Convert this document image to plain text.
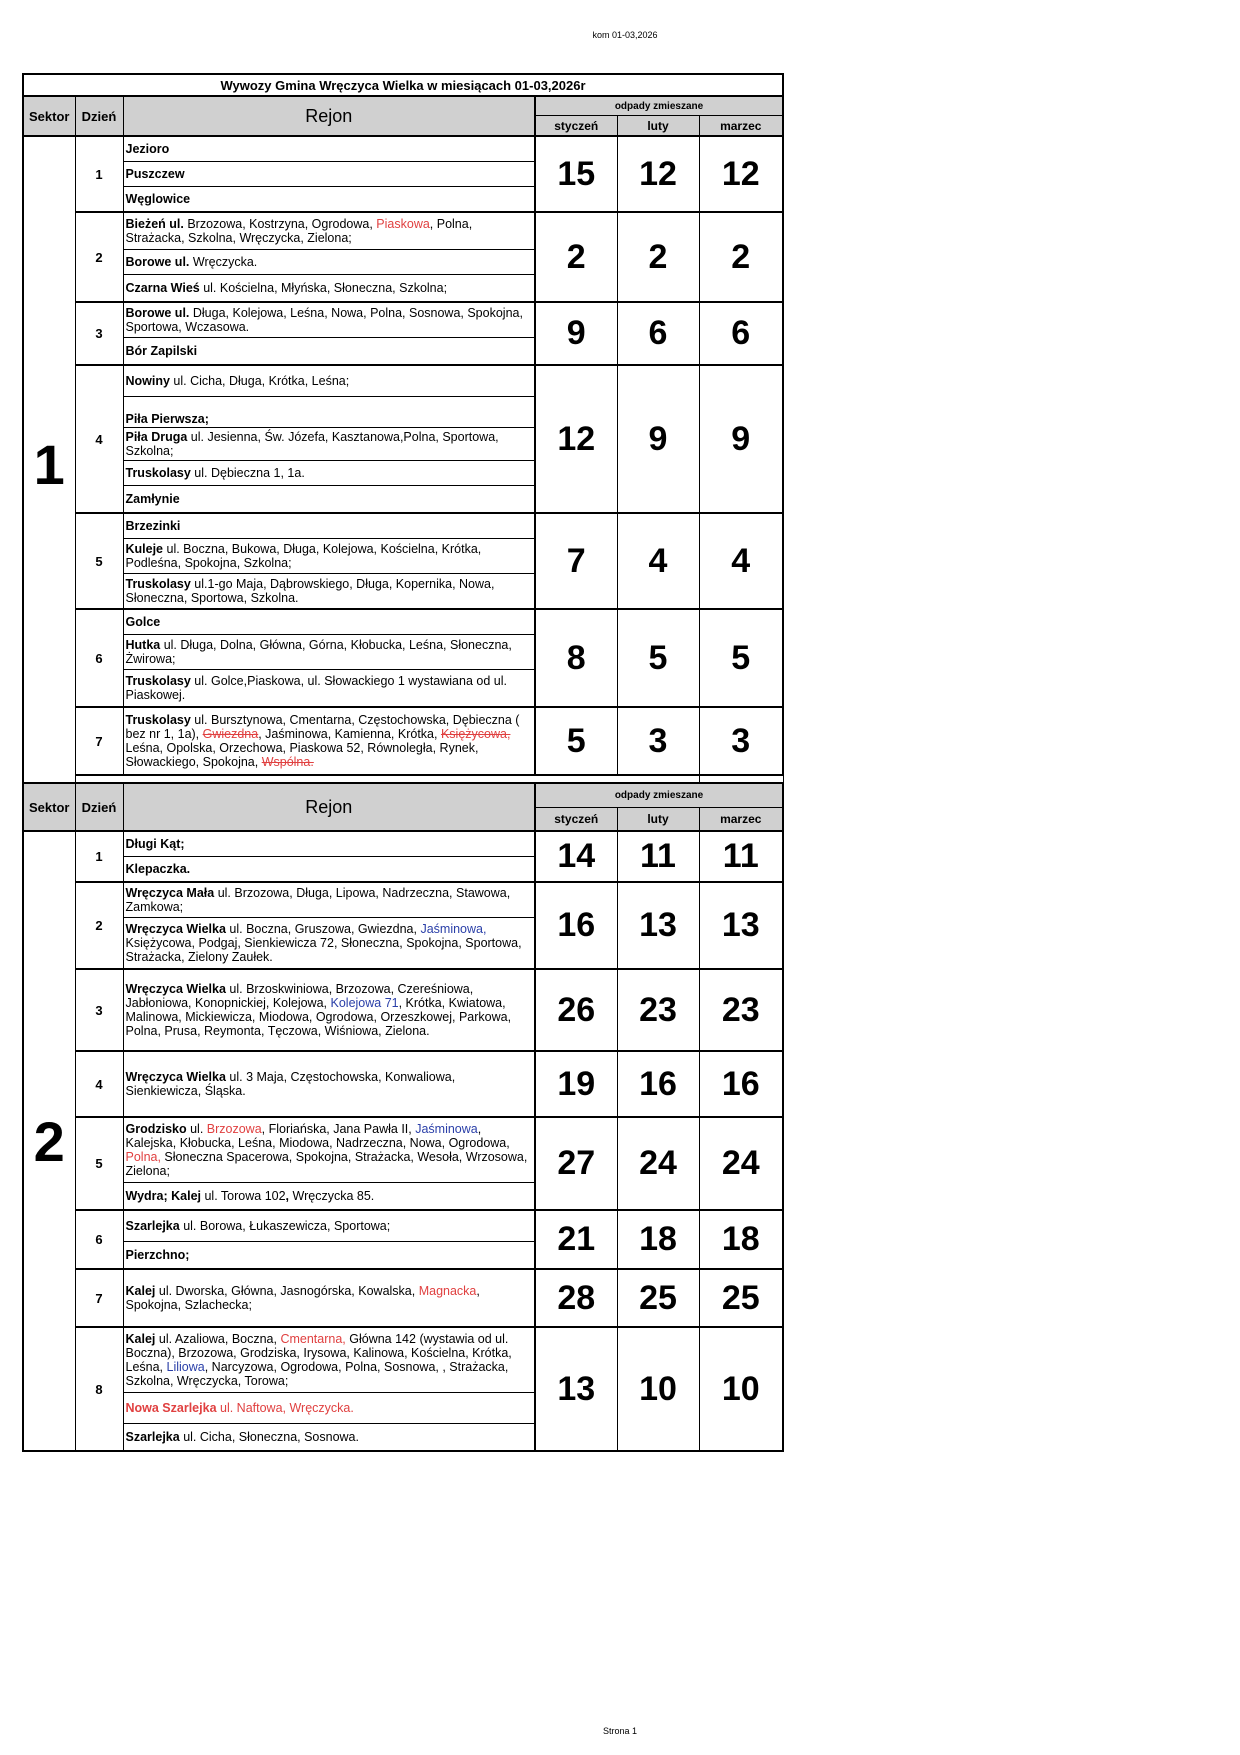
kom 01-03,2026
Wywozy Gmina Wręczyca Wielka w miesiącach 01-03,2026r						
Sektor	Dzień	Rejon	odpady zmieszane			
			styczeń	luty	marzec	
1	1	Jezioro	15	12	12	
		Puszczew				
		Węglowice				
	2	Bieżeń ul. Brzozowa, Kostrzyna, Ogrodowa, Piaskowa, Polna, Strażacka, Szkolna, Wręczycka, Zielona;	2	2	2	
		Borowe ul. Wręczycka.				
		Czarna Wieś ul. Kościelna, Młyńska, Słoneczna, Szkolna;				
	3	Borowe ul. Długa, Kolejowa, Leśna, Nowa, Polna, Sosnowa, Spokojna, Sportowa, Wczasowa.	9	6	6	
		Bór Zapilski				
	4	Nowiny ul. Cicha, Długa, Krótka, Leśna;	12	9	9	
		Piła Pierwsza;				
		Piła Druga ul. Jesienna, Św. Józefa, Kasztanowa,Polna, Sportowa, Szkolna;				
		Truskolasy ul. Dębieczna 1, 1a.				
		Zamłynie				
	5	Brzezinki	7	4	4	
		Kuleje ul. Boczna, Bukowa, Długa, Kolejowa, Kościelna, Krótka, Podleśna, Spokojna, Szkolna;				
		Truskolasy ul.1-go Maja, Dąbrowskiego, Długa, Kopernika, Nowa, Słoneczna, Sportowa, Szkolna.				
	6	Golce	8	5	5	
		Hutka ul. Długa, Dolna, Główna, Górna, Kłobucka, Leśna, Słoneczna, Żwirowa;				
		Truskolasy ul. Golce,Piaskowa, ul. Słowackiego 1 wystawiana od ul. Piaskowej.				
	7	Truskolasy ul. Bursztynowa, Cmentarna, Częstochowska, Dębieczna ( bez nr 1, 1a), Gwiezdna, Jaśminowa, Kamienna, Krótka, Księżycowa, Leśna, Opolska, Orzechowa, Piaskowa 52, Równoległa, Rynek, Słowackiego, Spokojna, Wspólna.	5	3	3	

Sektor	Dzień	Rejon	odpady zmieszane		
			styczeń	luty	marzec
2	1	Długi Kąt;	14	11	11
		Klepaczka.			
	2	Wręczyca Mała ul. Brzozowa, Długa, Lipowa, Nadrzeczna, Stawowa, Zamkowa;	16	13	13
		Wręczyca Wielka ul. Boczna, Gruszowa, Gwiezdna, Jaśminowa, Księżycowa, Podgaj, Sienkiewicza 72, Słoneczna, Spokojna, Sportowa, Strażacka, Zielony Zaułek.			
	3	Wręczyca Wielka ul. Brzoskwiniowa, Brzozowa, Czereśniowa, Jabłoniowa, Konopnickiej, Kolejowa, Kolejowa 71, Krótka, Kwiatowa, Malinowa, Mickiewicza, Miodowa, Ogrodowa, Orzeszkowej, Parkowa, Polna, Prusa, Reymonta, Tęczowa, Wiśniowa, Zielona.	26	23	23
	4	Wręczyca Wielka ul. 3 Maja, Częstochowska, Konwaliowa, Sienkiewicza, Śląska.	19	16	16
	5	Grodzisko ul. Brzozowa, Floriańska, Jana Pawła II, Jaśminowa, Kalejska, Kłobucka, Leśna, Miodowa, Nadrzeczna, Nowa, Ogrodowa, Polna, Słoneczna Spacerowa, Spokojna, Strażacka, Wesoła, Wrzosowa, Zielona;	27	24	24
		Wydra; Kalej ul. Torowa 102, Wręczycka 85.			
	6	Szarlejka ul. Borowa, Łukaszewicza, Sportowa;	21	18	18
		Pierzchno;			
	7	Kalej ul. Dworska, Główna, Jasnogórska, Kowalska, Magnacka, Spokojna, Szlachecka;	28	25	25
	8	Kalej ul. Azaliowa, Boczna, Cmentarna, Główna 142 (wystawia od ul. Boczna), Brzozowa, Grodziska, Irysowa, Kalinowa, Kościelna, Krótka, Leśna, Liliowa, Narcyzowa, Ogrodowa, Polna, Sosnowa, , Strażacka, Szkolna, Wręczycka, Torowa;	13	10	10
		Nowa Szarlejka ul. Naftowa, Wręczycka.			
		Szarlejka ul. Cicha, Słoneczna, Sosnowa.			
Strona 1
